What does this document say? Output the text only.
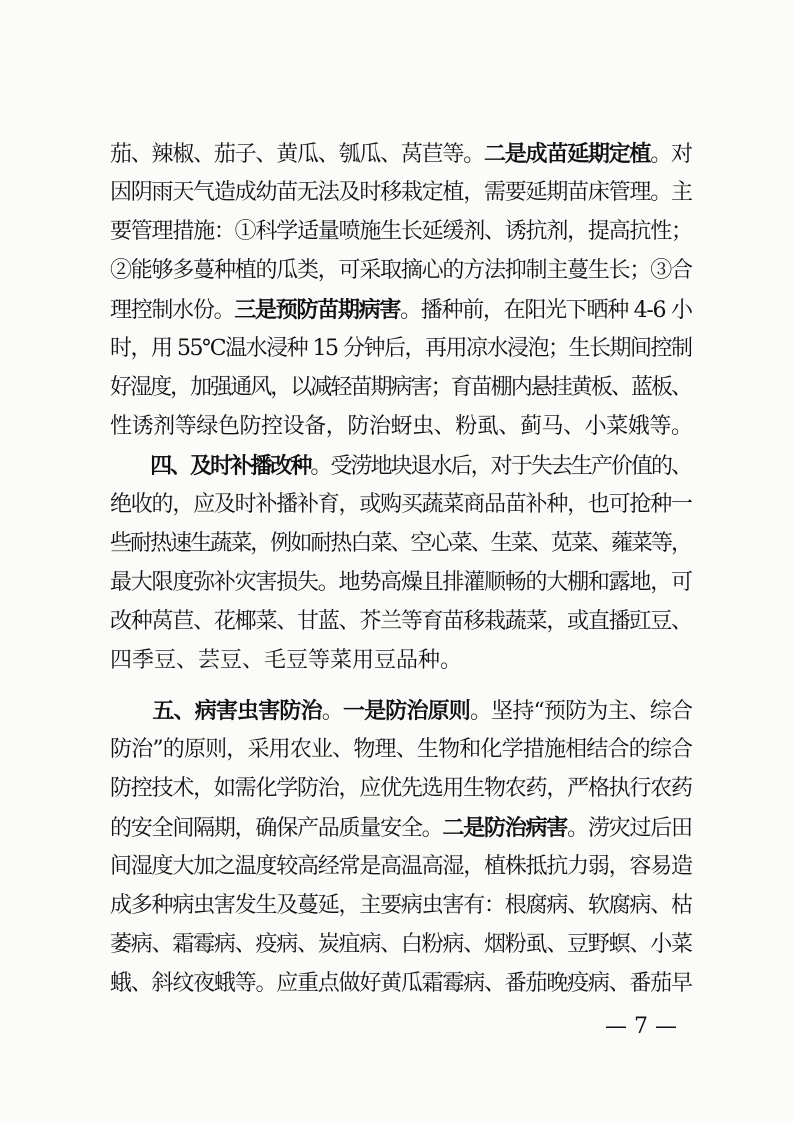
茄、辣椒、茄子、黄瓜、瓠瓜、莴苣等。二是成苗延期定植。对
因阴雨天气造成幼苗无法及时移栽定植，需要延期苗床管理。主
要管理措施：①科学适量喷施生长延缓剂、诱抗剂，提高抗性；
②能够多蔓种植的瓜类，可采取摘心的方法抑制主蔓生长；③合
理控制水份。三是预防苗期病害。播种前，在阳光下晒种 4-6 小
时，用 55℃温水浸种 15 分钟后，再用凉水浸泡；生长期间控制
好湿度，加强通风，以减轻苗期病害；育苗棚内悬挂黄板、蓝板、
性诱剂等绿色防控设备，防治蚜虫、粉虱、蓟马、小菜娥等。
　　四、及时补播改种。受涝地块退水后，对于失去生产价值的、
绝收的，应及时补播补育，或购买蔬菜商品苗补种，也可抢种一
些耐热速生蔬菜，例如耐热白菜、空心菜、生菜、苋菜、蕹菜等，
最大限度弥补灾害损失。地势高燥且排灌顺畅的大棚和露地，可
改种莴苣、花椰菜、甘蓝、芥兰等育苗移栽蔬菜，或直播豇豆、
四季豆、芸豆、毛豆等菜用豆品种。
　　五、病害虫害防治。一是防治原则。坚持“预防为主、综合
防治”的原则，采用农业、物理、生物和化学措施相结合的综合
防控技术，如需化学防治，应优先选用生物农药，严格执行农药
的安全间隔期，确保产品质量安全。二是防治病害。涝灾过后田
间湿度大加之温度较高经常是高温高湿，植株抵抗力弱，容易造
成多种病虫害发生及蔓延，主要病虫害有：根腐病、软腐病、枯
萎病、霜霉病、疫病、炭疽病、白粉病、烟粉虱、豆野螟、小菜
蛾、斜纹夜蛾等。应重点做好黄瓜霜霉病、番茄晚疫病、番茄早
— 7 —
